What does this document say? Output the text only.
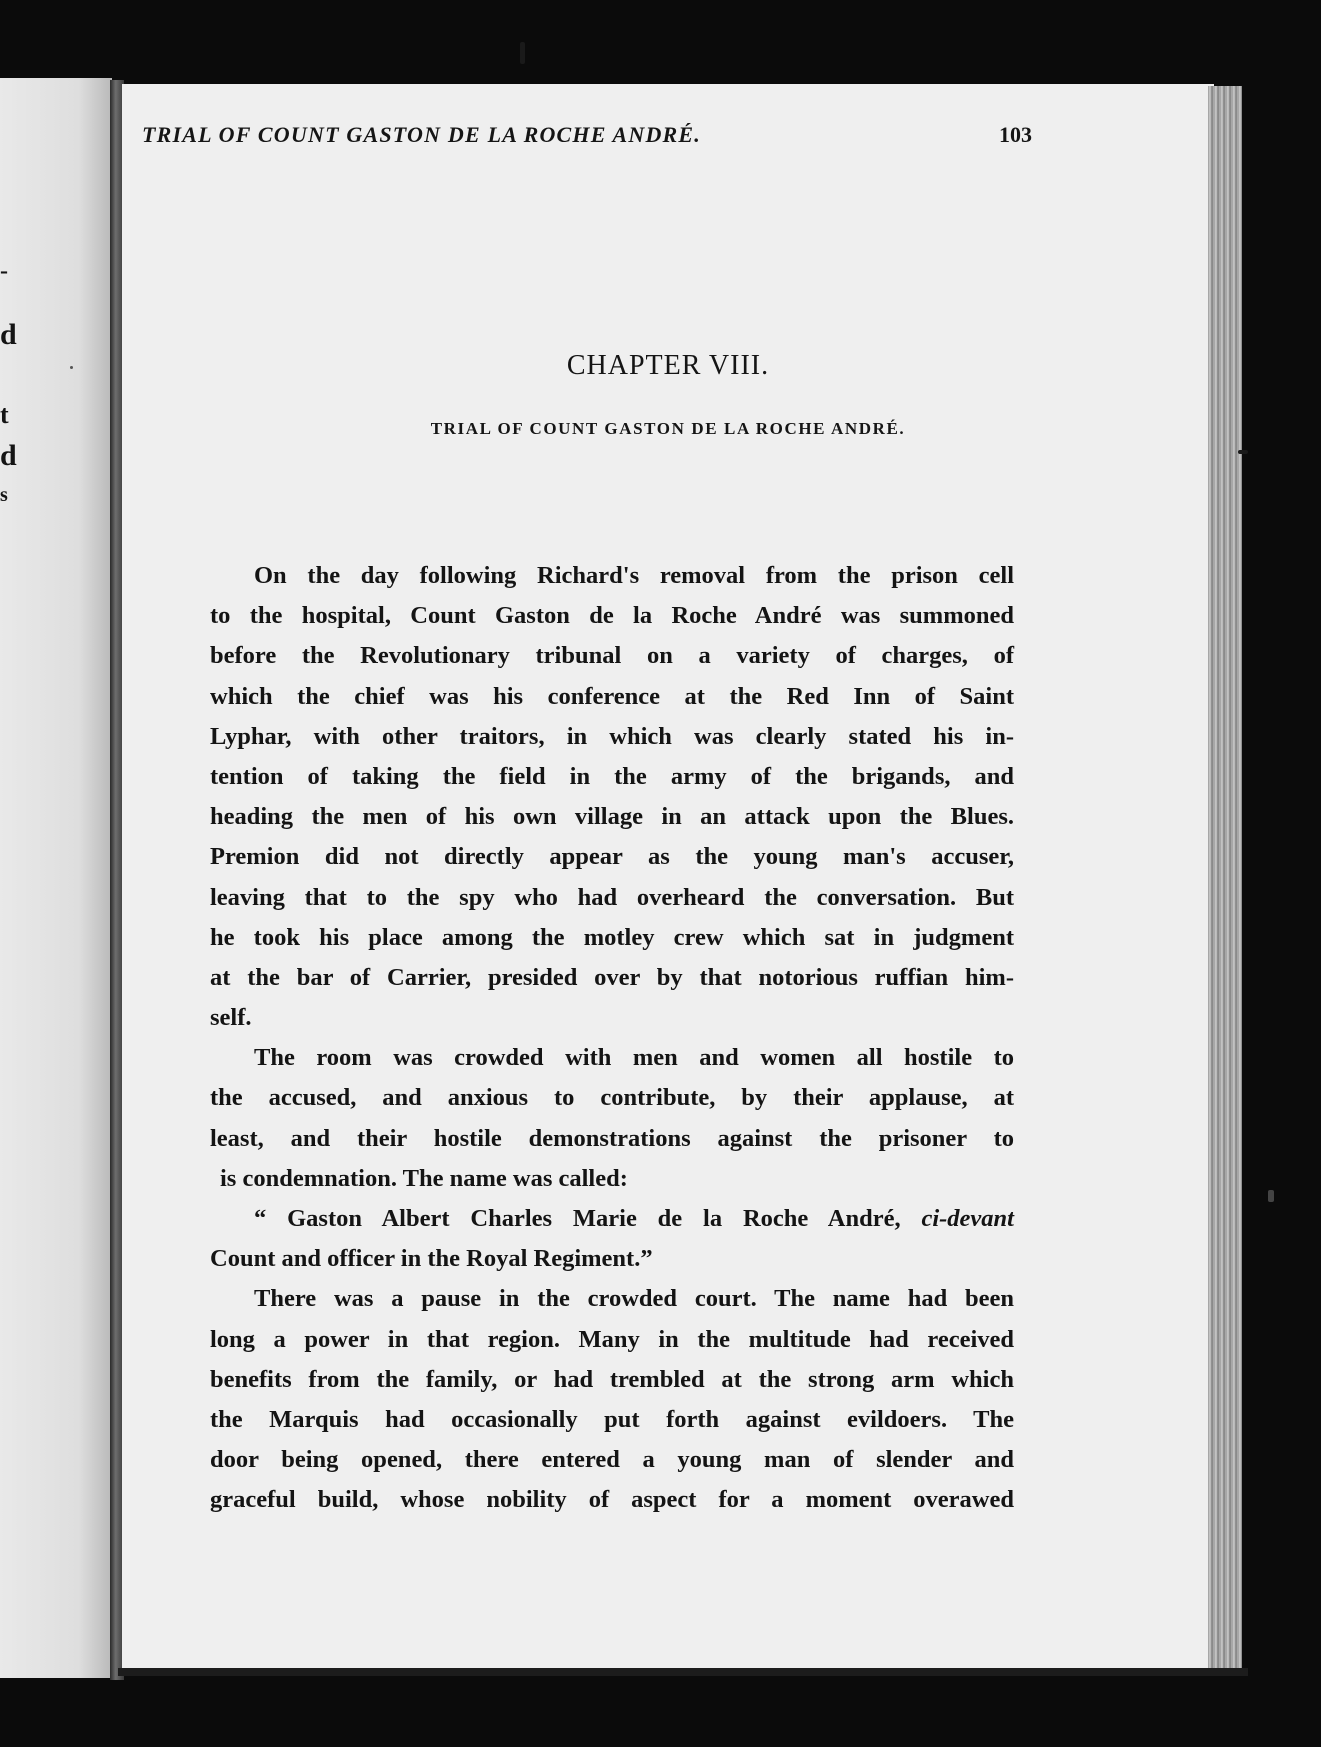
-
d
t
d
s
TRIAL OF COUNT GASTON DE LA ROCHE ANDRÉ.	103
CHAPTER VIII.
TRIAL OF COUNT GASTON DE LA ROCHE ANDRÉ.
On the day following Richard's removal from the prison cell
to the hospital, Count Gaston de la Roche André was summoned
before the Revolutionary tribunal on a variety of charges, of
which the chief was his conference at the Red Inn of Saint
Lyphar, with other traitors, in which was clearly stated his in-
tention of taking the field in the army of the brigands, and
heading the men of his own village in an attack upon the Blues.
Premion did not directly appear as the young man's accuser,
leaving that to the spy who had overheard the conversation. But
he took his place among the motley crew which sat in judgment
at the bar of Carrier, presided over by that notorious ruffian him-
self.
The room was crowded with men and women all hostile to
the accused, and anxious to contribute, by their applause, at
least, and their hostile demonstrations against the prisoner to
is condemnation. The name was called:
“ Gaston Albert Charles Marie de la Roche André, ci-devant
Count and officer in the Royal Regiment.”
There was a pause in the crowded court. The name had been
long a power in that region. Many in the multitude had received
benefits from the family, or had trembled at the strong arm which
the Marquis had occasionally put forth against evildoers. The
door being opened, there entered a young man of slender and
graceful build, whose nobility of aspect for a moment overawed
